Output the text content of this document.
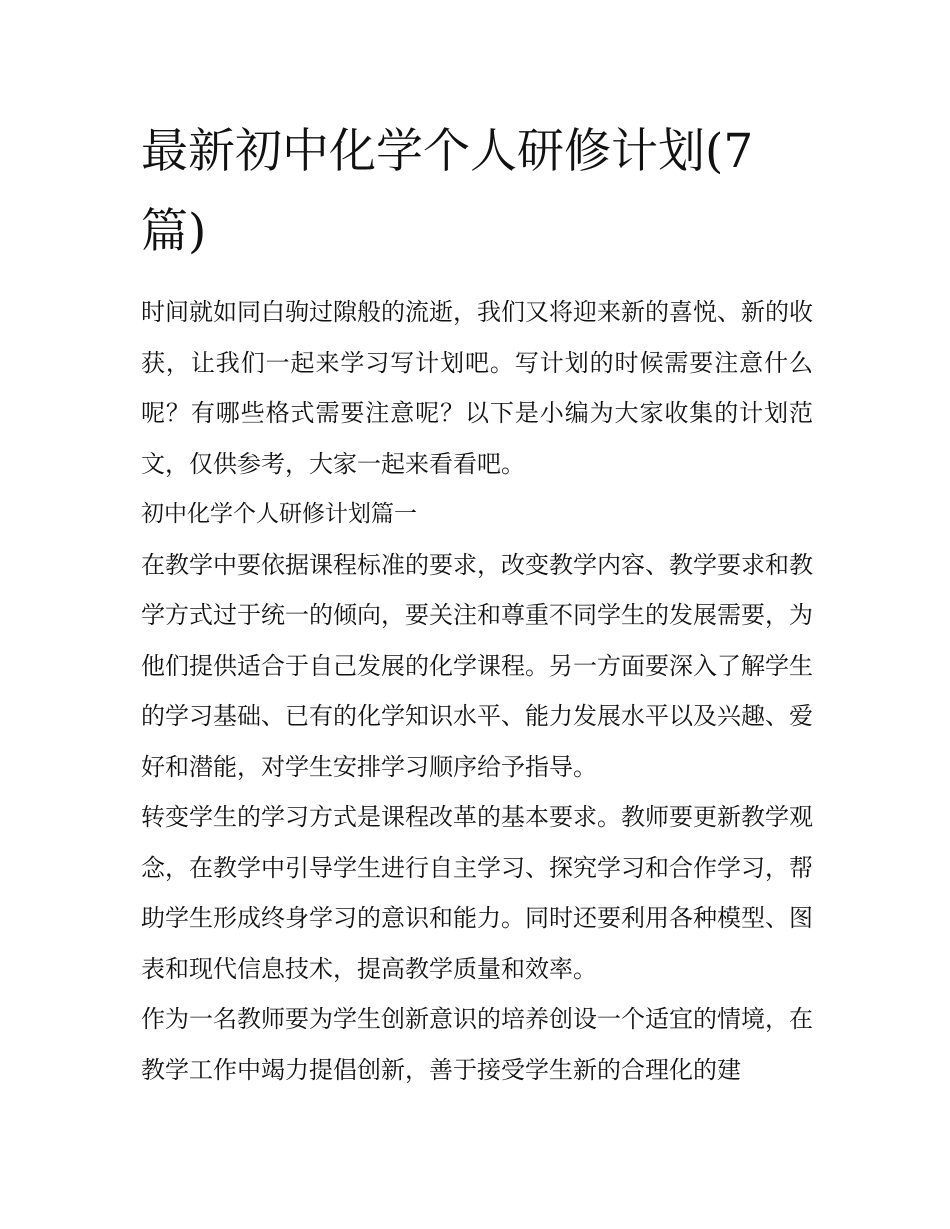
最新初中化学个人研修计划(7篇)

时间就如同白驹过隙般的流逝，我们又将迎来新的喜悦、新的收获，让我们一起来学习写计划吧。写计划的时候需要注意什么呢？有哪些格式需要注意呢？以下是小编为大家收集的计划范文，仅供参考，大家一起来看看吧。

初中化学个人研修计划篇一

在教学中要依据课程标准的要求，改变教学内容、教学要求和教学方式过于统一的倾向，要关注和尊重不同学生的发展需要，为他们提供适合于自己发展的化学课程。另一方面要深入了解学生的学习基础、已有的化学知识水平、能力发展水平以及兴趣、爱好和潜能，对学生安排学习顺序给予指导。

转变学生的学习方式是课程改革的基本要求。教师要更新教学观念，在教学中引导学生进行自主学习、探究学习和合作学习，帮助学生形成终身学习的意识和能力。同时还要利用各种模型、图表和现代信息技术，提高教学质量和效率。

作为一名教师要为学生创新意识的培养创设一个适宜的情境，在教学工作中竭力提倡创新，善于接受学生新的合理化的建
